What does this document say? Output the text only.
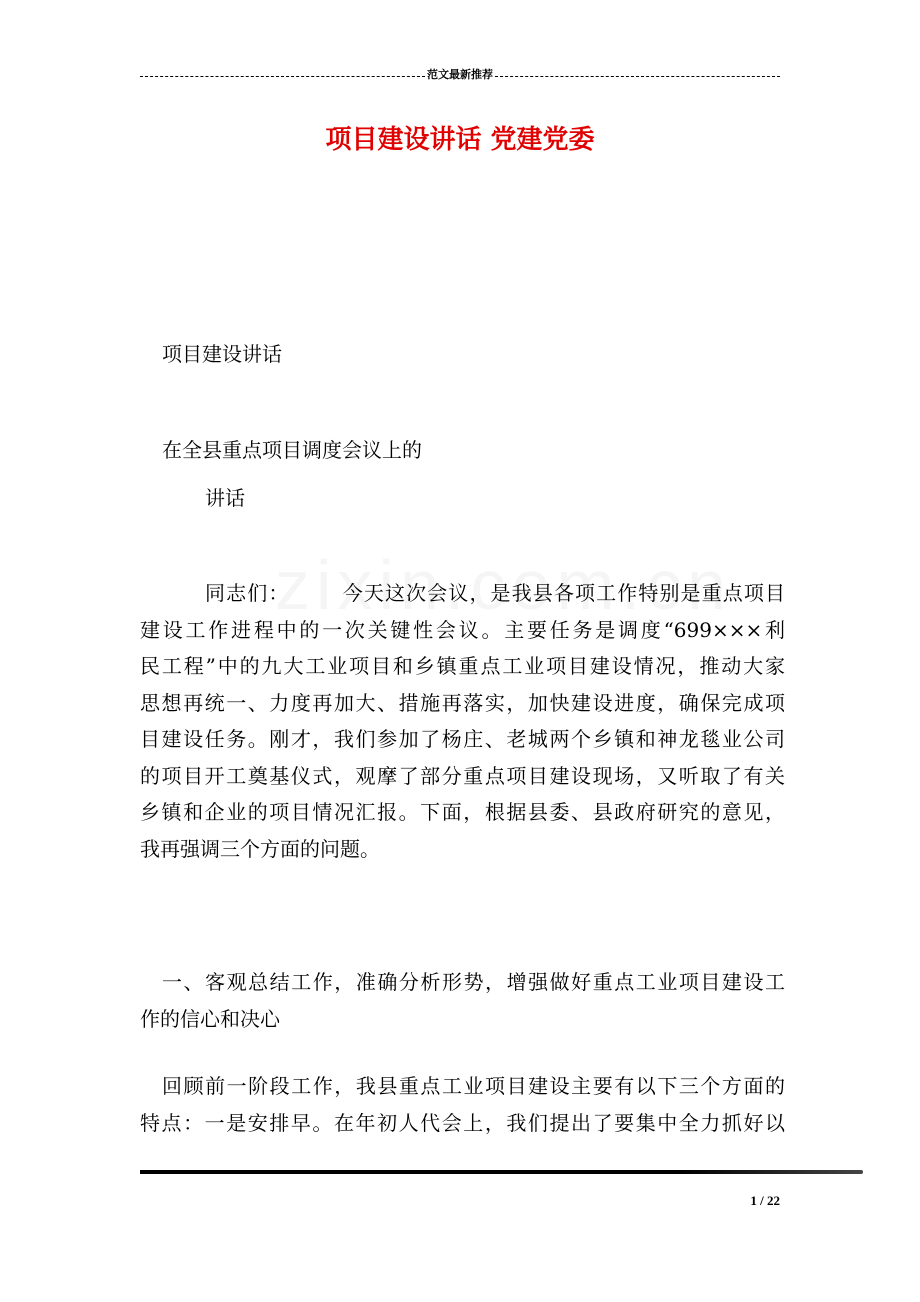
范文最新推荐
项目建设讲话 党建党委
项目建设讲话
在全县重点项目调度会议上的
讲话
同志们：　　　今天这次会议，是我县各项工作特别是重点项目
建设工作进程中的一次关键性会议。主要任务是调度“699×××利
民工程”中的九大工业项目和乡镇重点工业项目建设情况，推动大家
思想再统一、力度再加大、措施再落实，加快建设进度，确保完成项
目建设任务。刚才，我们参加了杨庄、老城两个乡镇和神龙毯业公司
的项目开工奠基仪式，观摩了部分重点项目建设现场，又听取了有关
乡镇和企业的项目情况汇报。下面，根据县委、县政府研究的意见，
我再强调三个方面的问题。
一、客观总结工作，准确分析形势，增强做好重点工业项目建设工
作的信心和决心
回顾前一阶段工作，我县重点工业项目建设主要有以下三个方面的
特点：一是安排早。在年初人代会上，我们提出了要集中全力抓好以
1 / 22
